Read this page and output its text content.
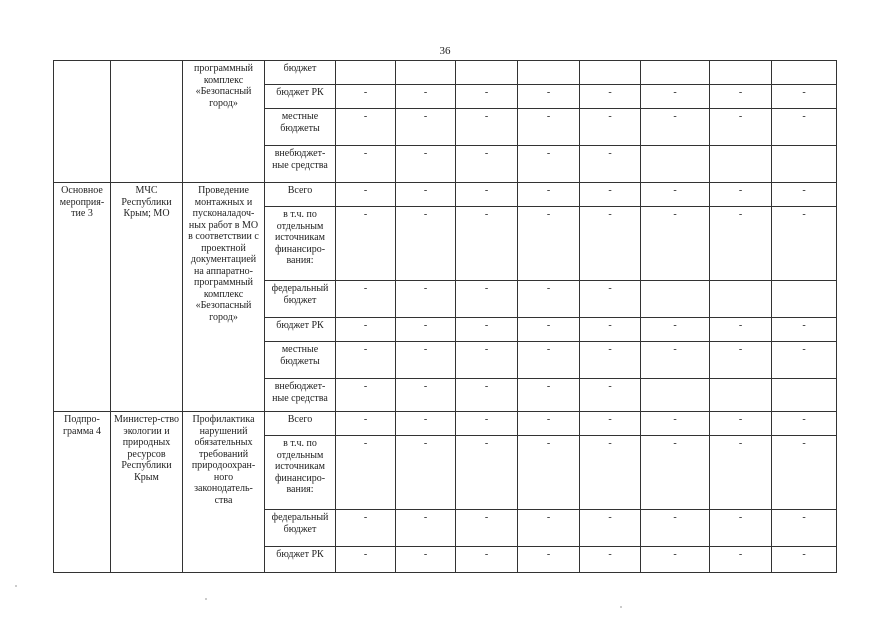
36
		программный комплекс «Безопасный город»	бюджет								
			бюджет РК	-	-	-	-	-	-	-	-
			местные бюджеты	-	-	-	-	-	-	-	-
			внебюджет-ные средства	-	-	-	-	-			
Основное мероприя-тие 3	МЧС Республики Крым; МО	Проведение монтажных и пусконаладоч-ных работ в МО в соответствии с проектной документацией на аппаратно-программный комплекс «Безопасный город»	Всего	-	-	-	-	-	-	-	-
			в т.ч. по отдельным источникам финансиро-вания:	-	-	-	-	-	-	-	-
			федеральный бюджет	-	-	-	-	-			
			бюджет РК	-	-	-	-	-	-	-	-
			местные бюджеты	-	-	-	-	-	-	-	-
			внебюджет-ные средства	-	-	-	-	-			
Подпро-грамма 4	Министер-ство экологии и природных ресурсов Республики Крым	Профилактика нарушений обязательных требований природоохран-ного законодатель-ства	Всего	-	-	-	-	-	-	-	-
			в т.ч. по отдельным источникам финансиро-вания:	-	-	-	-	-	-	-	-
			федеральный бюджет	-	-	-	-	-	-	-	-
			бюджет РК	-	-	-	-	-	-	-	-
